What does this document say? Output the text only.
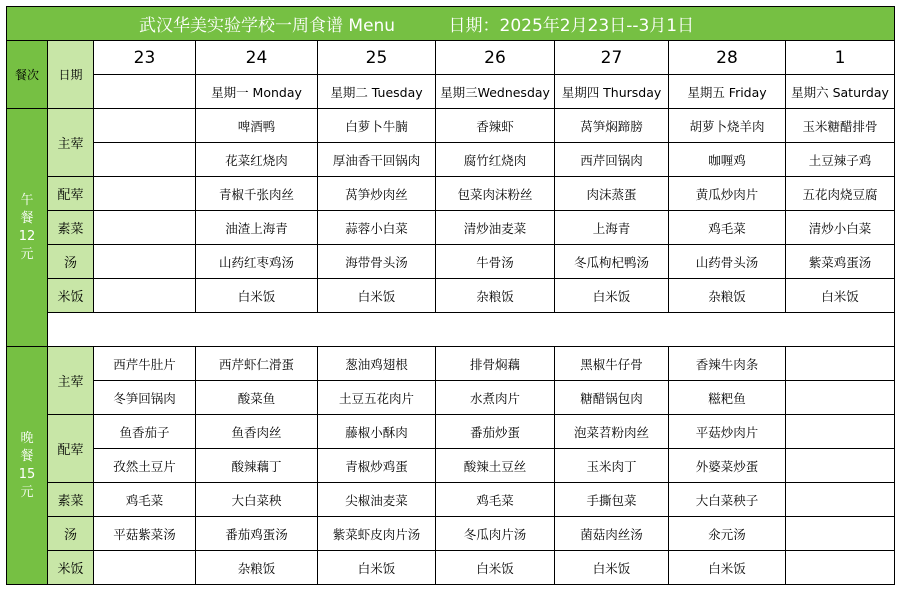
武汉华美实验学校一周食谱 Menu 日期：2025年2月23日--3月1日								
餐次	日期	23	24	25	26	27	28	1
			星期一 Monday	星期二 Tuesday	星期三Wednesday	星期四 Thursday	星期五 Friday	星期六 Saturday

午
餐
12
元	主荤		啤酒鸭	白萝卜牛腩	香辣虾	莴笋焖蹄膀	胡萝卜烧羊肉	玉米糖醋排骨
			花菜红烧肉	厚油香干回锅肉	腐竹红烧肉	西芹回锅肉	咖喱鸡	土豆辣子鸡
	配荤		青椒千张肉丝	莴笋炒肉丝	包菜肉沫粉丝	肉沫蒸蛋	黄瓜炒肉片	五花肉烧豆腐
	素菜		油渣上海青	蒜蓉小白菜	清炒油麦菜	上海青	鸡毛菜	清炒小白菜
	汤		山药红枣鸡汤	海带骨头汤	牛骨汤	冬瓜枸杞鸭汤	山药骨头汤	紫菜鸡蛋汤
	米饭		白米饭	白米饭	杂粮饭	白米饭	杂粮饭	白米饭

晚
餐
15
元	主荤	西芹牛肚片	西芹虾仁滑蛋	葱油鸡翅根	排骨焖藕	黑椒牛仔骨	香辣牛肉条	
		冬笋回锅肉	酸菜鱼	土豆五花肉片	水煮肉片	糖醋锅包肉	糍粑鱼	
	配荤	鱼香茄子	鱼香肉丝	藤椒小酥肉	番茄炒蛋	泡菜苕粉肉丝	平菇炒肉片	
		孜然土豆片	酸辣藕丁	青椒炒鸡蛋	酸辣土豆丝	玉米肉丁	外婆菜炒蛋	
	素菜	鸡毛菜	大白菜秧	尖椒油麦菜	鸡毛菜	手撕包菜	大白菜秧子	
	汤	平菇紫菜汤	番茄鸡蛋汤	紫菜虾皮肉片汤	冬瓜肉片汤	菌菇肉丝汤	氽元汤	
	米饭		杂粮饭	白米饭	白米饭	白米饭	白米饭	
